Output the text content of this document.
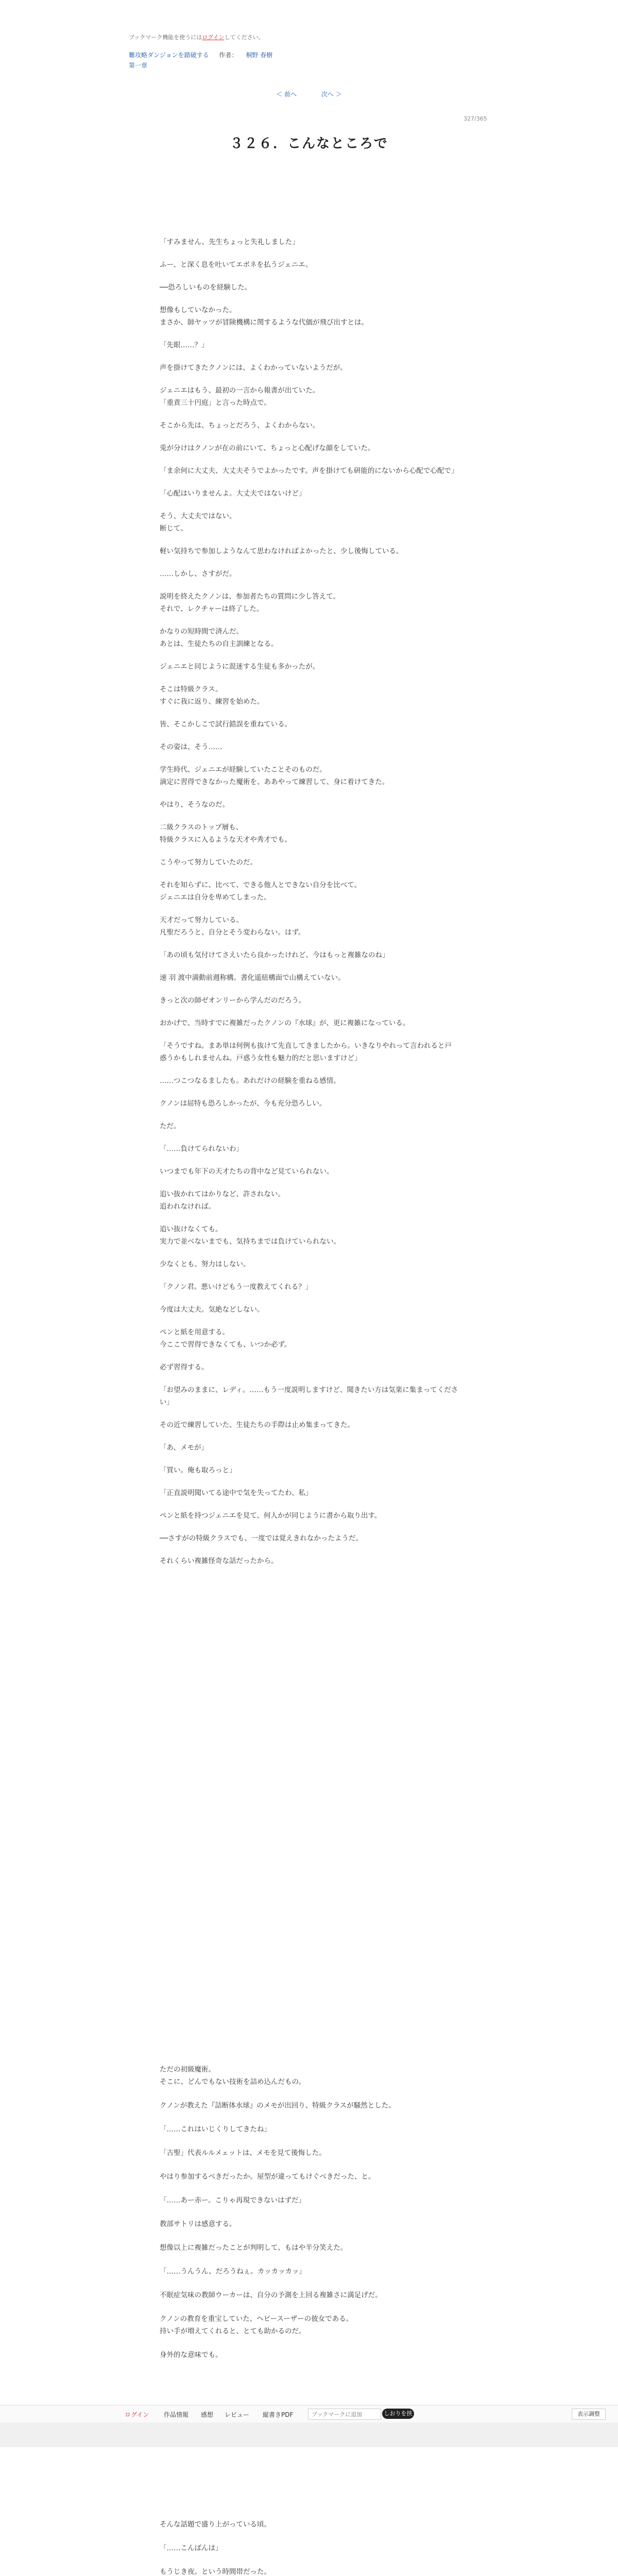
ブックマーク機能を使うにはログインしてください。
難攻略ダンジョンを踏破する 作者： 桐野 春樹
第一章
＜ 前へ	次へ ＞
327/365
３２６．こんなところで

「すみません、先生ちょっと失礼しました」

ふー、と深く息を吐いてエボネを払うジェニエ。

──恐ろしいものを経験した。

想像もしていなかった。
まさか、師ヤッツが冒険機構に関するような代価が飛び出すとは。

「先眼……？」

声を掛けてきたクノンには、よくわかっていないようだが。

ジェニエはもう、最初の一言から報書が出ていた。
「重責三十円庭」と言った時点で。

そこから先は、ちょっとだろう、よくわからない。

兎が分けはクノンが在の前にいて、ちょっと心配げな顔をしていた。

「ま余何に大丈夫、大丈夫そうでよかったです。声を掛けても研能的にないから心配で心配で」

「心配はいりませんよ。大丈夫ではないけど」

そう、大丈夫ではない。
断じて。

軽い気持ちで参加しようなんて思わなければよかったと、少し後悔している。

……しかし、さすがだ。

説明を終えたクノンは、参加者たちの質問に少し答えて。
それで、レクチャーは終了した。

かなりの短時間で済んだ。
あとは、生徒たちの自主訓練となる。

ジェニエと同じように混迷する生徒も多かったが。

そこは特級クラス。
すぐに我に返り、練習を始めた。

皆、そこかしこで試行錯誤を重ねている。

その姿は、そう……

学生時代、ジェニエが経験していたことそのものだ。
滴定に習得できなかった魔術を、ああやって練習して、身に着けてきた。

やはり、そうなのだ。

二級クラスのトップ層も、
特級クラスに入るような天才や秀才でも。

こうやって努力していたのだ。

それを知らずに、比べて、できる他人とできない自分を比べて。
ジェニエは自分を卑めてしまった。

天才だって努力している。
凡聖だろうと、自分とそう変わらない。はず。

「あの頃も気付けてさえいたら良かったけれど、今はもっと複雑なのね」

速 羽 渡中満動前週称構。書化遥紐構面で山構えていない。

きっと次の師ゼオンリーから学んだのだろう。

おかげで、当時すでに複雑だったクノンの『水球』が、更に複雑になっている。

「そうですね。まあ単は何例も抜けて先直してきましたから。いきなりやれって言われると戸惑うかもしれませんね。戸惑う女性も魅力的だと思いますけど」

……つこつなるましたも。あれだけの経験を重ねる感情。

クノンは屈特も恐ろしかったが、今も充分恐ろしい。

ただ。

「……負けてられないわ」

いつまでも年下の天才たちの背中など見ていられない。

追い抜かれてはかりなど、許されない。
追われなければ。

追い抜けなくても。
実力で並べないまでも、気持ちまでは負けていられない。

少なくとも、努力はしない。

「クノン君。悪いけどもう一度教えてくれる？」

今度は大丈夫。気絶などしない。

ペンと紙を用意する。
今ここで習得できなくても、いつか必ず。

必ず習得する。

「お望みのままに、レディ。……もう一度説明しますけど、聞きたい方は気楽に集まってください」

その近で練習していた、生徒たちの手際は止め集まってきた。

「あ、メモが」

「買い。俺も取ろっと」

「正直説明聞いてる途中で気を失ってたわ、私」

ペンと紙を持つジェニエを見て、何人かが同じように書から取り出す。

──さすがの特級クラスでも、一度では覚えきれなかったようだ。

それくらい複雑怪奇な話だったから。

ただの初級魔術。
そこに、どんでもない技術を詰め込んだもの。

クノンが教えた『詰断体水球』のメモが出回り、特級クラスが騒然とした。

「……これはいじくりしてきたね」

「古聖」代表ルルメェットは、メモを見て後悔した。

やはり参加するべきだったか。屋型が違ってもけぐべきだった、と。

「……あー赤ー。こりゃ再現できないはずだ」

教部サトリは感意する。

想像以上に複雑だったことが判明して、もはや半分笑えた。

「……うんうん、だろうねぇ。カッカッカッ」

不眠症気味の教師ウーカーは、自分の予測を上回る複雑さに満足げだ。

クノンの教育を重宝していた、ヘビースーザーの彼女である。
持い手が増えてくれると、とても助かるのだ。

身外的な意味でも。

ログイン 作品情報 感想 レビュー 縦書きPDF
ブックマークに追加	しおりを挟	表示調整

そんな話題で盛り上がっている頃。

「……こんばんは」

もうじき夜。という時間帯だった。
